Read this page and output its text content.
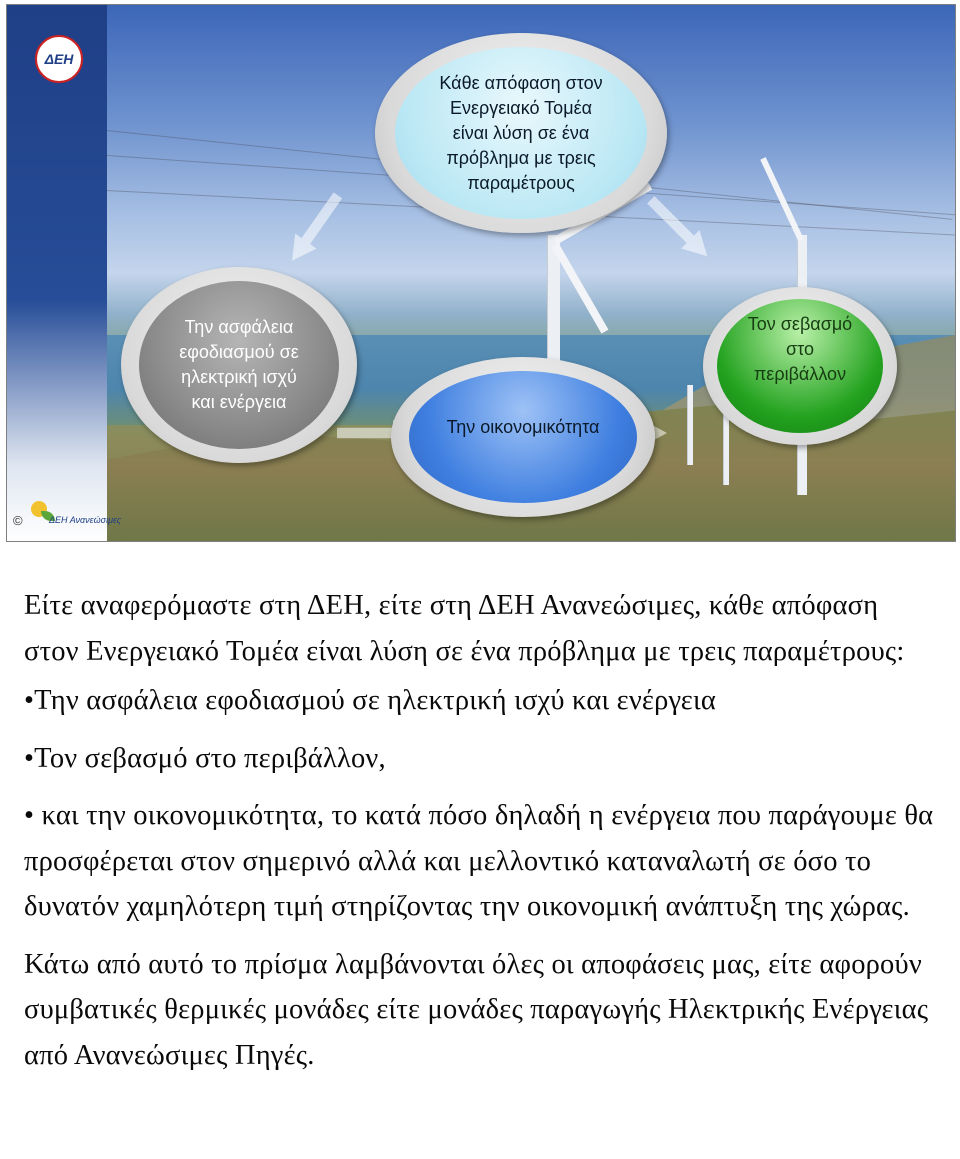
ΔΕΗ
©	ΔΕΗ Ανανεώσιμες
Κάθε απόφαση στον
Ενεργειακό Τομέα
είναι λύση σε ένα
πρόβλημα με τρεις
παραμέτρους
Την ασφάλεια
εφοδιασμού σε
ηλεκτρική ισχύ
και ενέργεια
Την οικονομικότητα
Τον σεβασμό
στο
περιβάλλον

Είτε αναφερόμαστε στη ΔΕΗ, είτε στη ΔΕΗ Ανανεώσιμες, κάθε απόφαση στον Ενεργειακό Τομέα είναι λύση σε ένα πρόβλημα με τρεις παραμέτρους:

•Την ασφάλεια εφοδιασμού σε ηλεκτρική ισχύ και ενέργεια

•Τον σεβασμό στο περιβάλλον,

• και την οικονομικότητα, το κατά πόσο δηλαδή η ενέργεια που παράγουμε θα προσφέρεται στον σημερινό αλλά και μελλοντικό καταναλωτή σε όσο το δυνατόν χαμηλότερη τιμή στηρίζοντας την οικονομική ανάπτυξη της χώρας.

Κάτω από αυτό το πρίσμα λαμβάνονται όλες οι αποφάσεις μας, είτε αφορούν συμβατικές θερμικές μονάδες είτε μονάδες παραγωγής Ηλεκτρικής Ενέργειας από Ανανεώσιμες Πηγές.
